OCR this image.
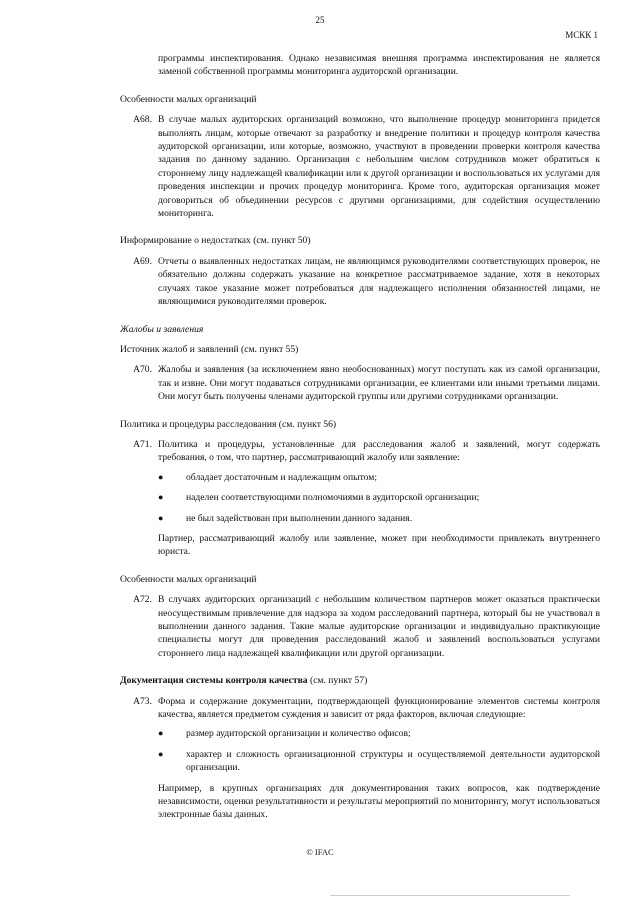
25
МСКК 1

программы инспектирования. Однако независимая внешняя программа инспектирования не является заменой собственной программы мониторинга аудиторской организации.

Особенности малых организаций

A68. В случае малых аудиторских организаций возможно, что выполнение процедур мониторинга придется выполнять лицам, которые отвечают за разработку и внедрение политики и процедур контроля качества аудиторской организации, или которые, возможно, участвуют в проведении проверки контроля качества задания по данному заданию. Организация с небольшим числом сотрудников может обратиться к стороннему лицу надлежащей квалификации или к другой организации и воспользоваться их услугами для проведения инспекции и прочих процедур мониторинга. Кроме того, аудиторская организация может договориться об объединении ресурсов с другими организациями, для содействия осуществлению мониторинга.

Информирование о недостатках (см. пункт 50)

A69. Отчеты о выявленных недостатках лицам, не являющимся руководителями соответствующих проверок, не обязательно должны содержать указание на конкретное рассматриваемое задание, хотя в некоторых случаях такое указание может потребоваться для надлежащего исполнения обязанностей лицами, не являющимися руководителями проверок.

Жалобы и заявления

Источник жалоб и заявлений (см. пункт 55)

A70. Жалобы и заявления (за исключением явно необоснованных) могут поступать как из самой организации, так и извне. Они могут подаваться сотрудниками организации, ее клиентами или иными третьими лицами. Они могут быть получены членами аудиторской группы или другими сотрудниками организации.

Политика и процедуры расследования (см. пункт 56)

A71. Политика и процедуры, установленные для расследования жалоб и заявлений, могут содержать требования, о том, что партнер, рассматривающий жалобу или заявление:
●	обладает достаточным и надлежащим опытом;
●	наделен соответствующими полномочиями в аудиторской организации;
●	не был задействован при выполнении данного задания.

Партнер, рассматривающий жалобу или заявление, может при необходимости привлекать внутреннего юриста.

Особенности малых организаций

A72. В случаях аудиторских организаций с небольшим количеством партнеров может оказаться практически неосуществимым привлечение для надзора за ходом расследований партнера, который бы не участвовал в выполнении данного задания. Такие малые аудиторские организации и индивидуально практикующие специалисты могут для проведения расследований жалоб и заявлений воспользоваться услугами стороннего лица надлежащей квалификации или другой организации.

Документация системы контроля качества (см. пункт 57)

A73. Форма и содержание документации, подтверждающей функционирование элементов системы контроля качества, является предметом суждения и зависит от ряда факторов, включая следующие:
●	размер аудиторской организации и количество офисов;
●	характер и сложность организационной структуры и осуществляемой деятельности аудиторской организации.

Например, в крупных организациях для документирования таких вопросов, как подтверждение независимости, оценки результативности и результаты мероприятий по мониторингу, могут использоваться электронные базы данных.

© IFAC
